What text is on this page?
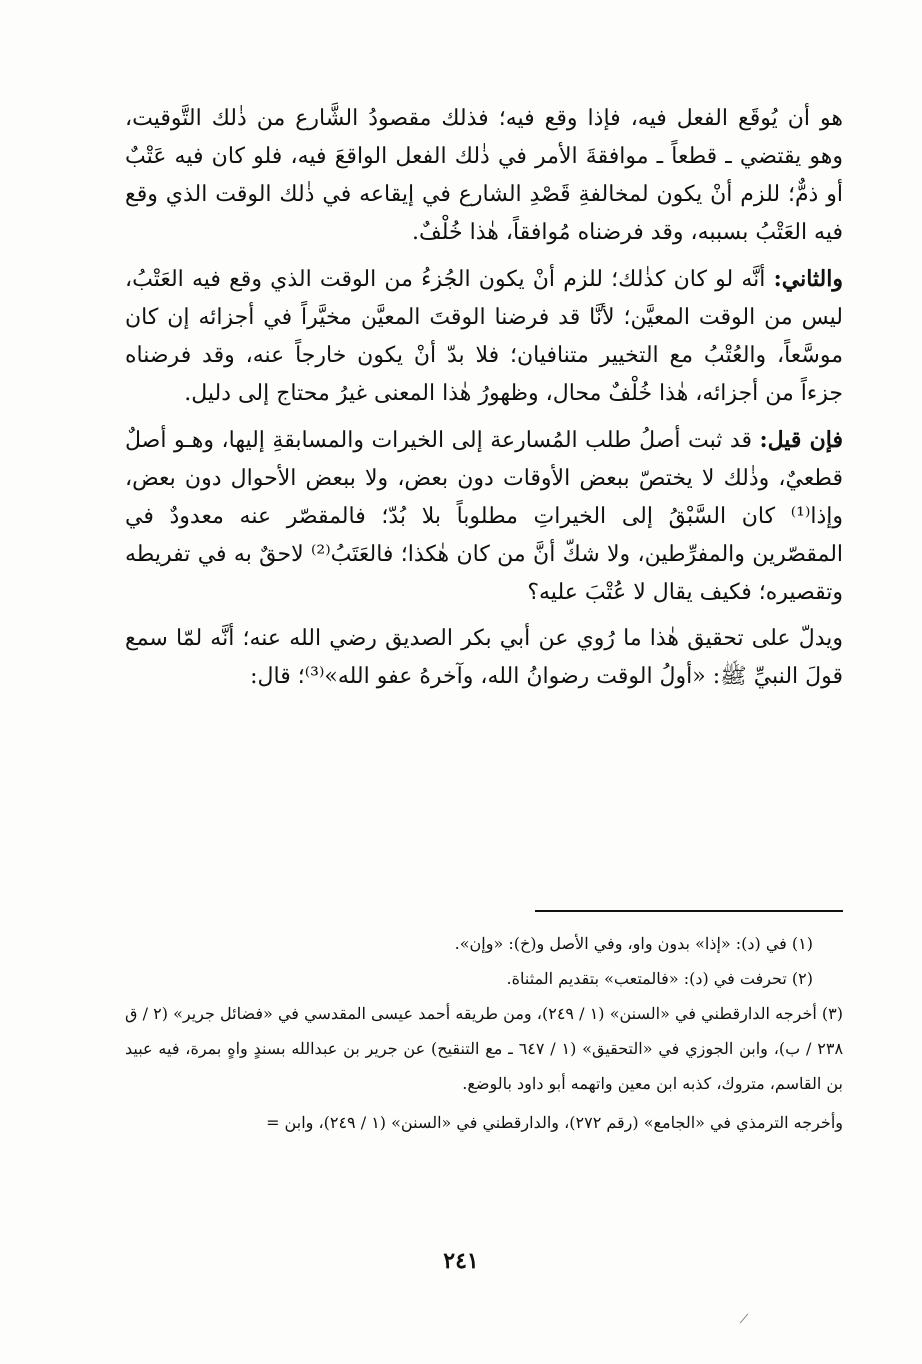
هو أن يُوقَع الفعل فيه، فإذا وقع فيه؛ فذلك مقصودُ الشَّارع من ذٰلك التَّوقيت، وهو يقتضي ـ قطعاً ـ موافقةَ الأمر في ذٰلك الفعل الواقعَ فيه، فلو كان فيه عَتْبٌ أو ذمٌّ؛ للزم أنْ يكون لمخالفةِ قَصْدِ الشارع في إيقاعه في ذٰلك الوقت الذي وقع فيه العَتْبُ بسببه، وقد فرضناه مُوافقاً، هٰذا خُلْفٌ.

والثاني: أنَّه لو كان كذٰلك؛ للزم أنْ يكون الجُزءُ من الوقت الذي وقع فيه العَتْبُ، ليس من الوقت المعيَّن؛ لأنَّا قد فرضنا الوقتَ المعيَّن مخيَّراً في أجزائه إن كان موسَّعاً، والعُتْبُ مع التخيير متنافيان؛ فلا بدّ أنْ يكون خارجاً عنه، وقد فرضناه جزءاً من أجزائه، هٰذا خُلْفٌ محال، وظهورُ هٰذا المعنى غيرُ محتاج إلى دليل.

فإن قيل: قد ثبت أصلُ طلب المُسارعة إلى الخيرات والمسابقةِ إليها، وهـو أصلٌ قطعيٌ، وذٰلك لا يختصّ ببعض الأوقات دون بعض، ولا ببعض الأحوال دون بعض، وإذا⁽¹⁾ كان السَّبْقُ إلى الخيراتِ مطلوباً بلا بُدّ؛ فالمقصّر عنه معدودٌ في المقصّرين والمفرِّطين، ولا شكّ أنَّ من كان هٰكذا؛ فالعَتَبُ⁽²⁾ لاحقٌ به في تفريطه وتقصيره؛ فكيف يقال لا عُتْبَ عليه؟

ويدلّ على تحقيق هٰذا ما رُوي عن أبي بكر الصديق رضي الله عنه؛ أنَّه لمّا سمع قولَ النبيِّ ﷺ: «أولُ الوقت رضوانُ الله، وآخرهُ عفو الله»⁽³⁾؛ قال:

(١) في (د): «إذا» بدون واو، وفي الأصل و(خ): «وإن».

(٢) تحرفت في (د): «فالمتعب» بتقديم المثناة.

(٣) أخرجه الدارقطني في «السنن» (١ / ٢٤٩)، ومن طريقه أحمد عيسى المقدسي في «فضائل جرير» (٢ / ق ٢٣٨ / ب)، وابن الجوزي في «التحقيق» (١ / ٦٤٧ ـ مع التنقيح) عن جرير بن عبدالله بسندٍ واهٍ بمرة، فيه عبيد بن القاسم، متروك، كذبه ابن معين واتهمه أبو داود بالوضع.

وأخرجه الترمذي في «الجامع» (رقم ٢٧٢)، والدارقطني في «السنن» (١ / ٢٤٩)، وابن =

٢٤١
